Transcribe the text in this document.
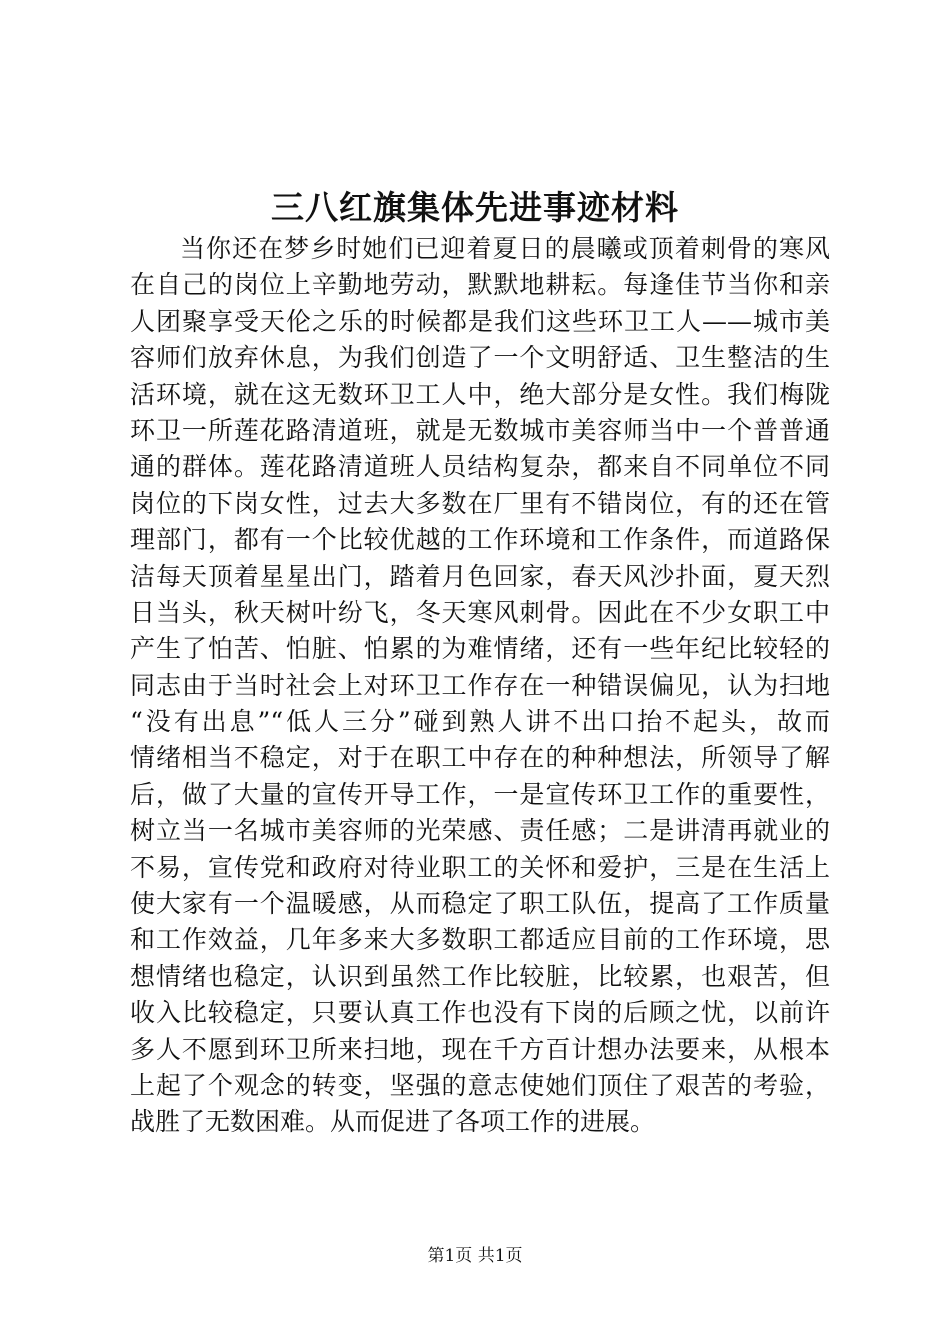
三八红旗集体先进事迹材料
当你还在梦乡时她们已迎着夏日的晨曦或顶着刺骨的寒风
在自己的岗位上辛勤地劳动，默默地耕耘。每逢佳节当你和亲
人团聚享受天伦之乐的时候都是我们这些环卫工人——城市美
容师们放弃休息，为我们创造了一个文明舒适、卫生整洁的生
活环境，就在这无数环卫工人中，绝大部分是女性。我们梅陇
环卫一所莲花路清道班，就是无数城市美容师当中一个普普通
通的群体。莲花路清道班人员结构复杂，都来自不同单位不同
岗位的下岗女性，过去大多数在厂里有不错岗位，有的还在管
理部门，都有一个比较优越的工作环境和工作条件，而道路保
洁每天顶着星星出门，踏着月色回家，春天风沙扑面，夏天烈
日当头，秋天树叶纷飞，冬天寒风刺骨。因此在不少女职工中
产生了怕苦、怕脏、怕累的为难情绪，还有一些年纪比较轻的
同志由于当时社会上对环卫工作存在一种错误偏见，认为扫地
“没有出息”“低人三分”碰到熟人讲不出口抬不起头，故而
情绪相当不稳定，对于在职工中存在的种种想法，所领导了解
后，做了大量的宣传开导工作，一是宣传环卫工作的重要性，
树立当一名城市美容师的光荣感、责任感；二是讲清再就业的
不易，宣传党和政府对待业职工的关怀和爱护，三是在生活上
使大家有一个温暖感，从而稳定了职工队伍，提高了工作质量
和工作效益，几年多来大多数职工都适应目前的工作环境，思
想情绪也稳定，认识到虽然工作比较脏，比较累，也艰苦，但
收入比较稳定，只要认真工作也没有下岗的后顾之忧，以前许
多人不愿到环卫所来扫地，现在千方百计想办法要来，从根本
上起了个观念的转变，坚强的意志使她们顶住了艰苦的考验，
战胜了无数困难。从而促进了各项工作的进展。
第1页 共1页
